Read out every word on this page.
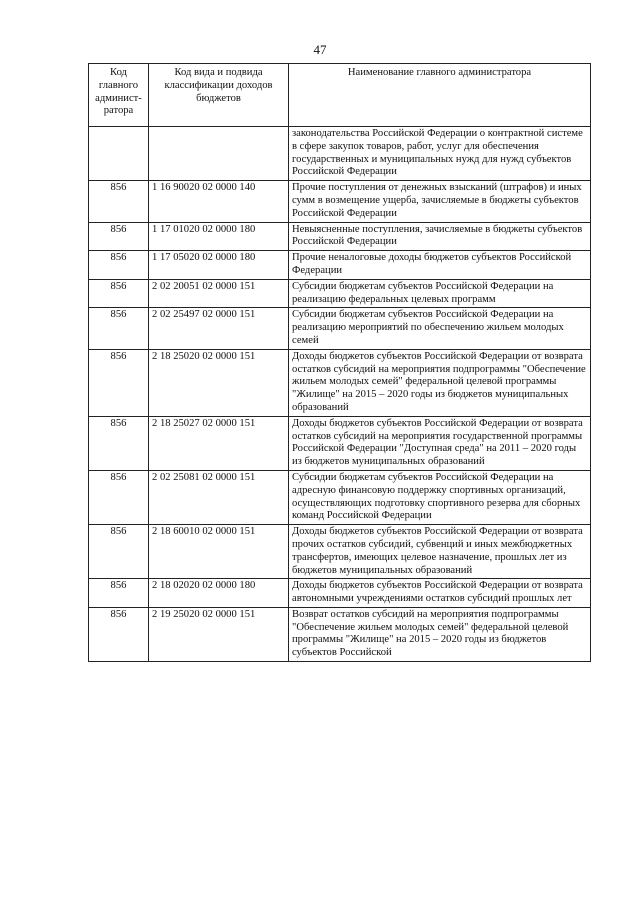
47
Код главного админист-ратора	Код вида и подвида классификации доходов бюджетов	Наименование главного администратора
		законодательства Российской Федерации о контрактной системе в сфере закупок товаров, работ, услуг для обеспечения государственных и муниципальных нужд для нужд субъектов Российской Федерации
856	1 16 90020 02 0000 140	Прочие поступления от денежных взысканий (штрафов) и иных сумм в возмещение ущерба, зачисляемые в бюджеты субъектов Российской Федерации
856	1 17 01020 02 0000 180	Невыясненные поступления, зачисляемые в бюджеты субъектов Российской Федерации
856	1 17 05020 02 0000 180	Прочие неналоговые доходы бюджетов субъектов Российской Федерации
856	2 02 20051 02 0000 151	Субсидии бюджетам субъектов Российской Федерации на реализацию федеральных целевых программ
856	2 02 25497 02 0000 151	Субсидии бюджетам субъектов Российской Федерации на реализацию мероприятий по обеспечению жильем молодых семей
856	2 18 25020 02 0000 151	Доходы бюджетов субъектов Российской Федерации от возврата остатков субсидий на мероприятия подпрограммы "Обеспечение жильем молодых семей" федеральной целевой программы "Жилище" на 2015 – 2020 годы из бюджетов муниципальных образований
856	2 18 25027 02 0000 151	Доходы бюджетов субъектов Российской Федерации от возврата остатков субсидий на мероприятия государственной программы Российской Федерации "Доступная среда" на 2011 – 2020 годы из бюджетов муниципальных образований
856	2 02 25081 02 0000 151	Субсидии бюджетам субъектов Российской Федерации на адресную финансовую поддержку спортивных организаций, осуществляющих подготовку спортивного резерва для сборных команд Российской Федерации
856	2 18 60010 02 0000 151	Доходы бюджетов субъектов Российской Федерации от возврата прочих остатков субсидий, субвенций и иных межбюджетных трансфертов, имеющих целевое назначение, прошлых лет из бюджетов муниципальных образований
856	2 18 02020 02 0000 180	Доходы бюджетов субъектов Российской Федерации от возврата автономными учреждениями остатков субсидий прошлых лет
856	2 19 25020 02 0000 151	Возврат остатков субсидий на мероприятия подпрограммы "Обеспечение жильем молодых семей" федеральной целевой программы "Жилище" на 2015 – 2020 годы из бюджетов субъектов Российской
